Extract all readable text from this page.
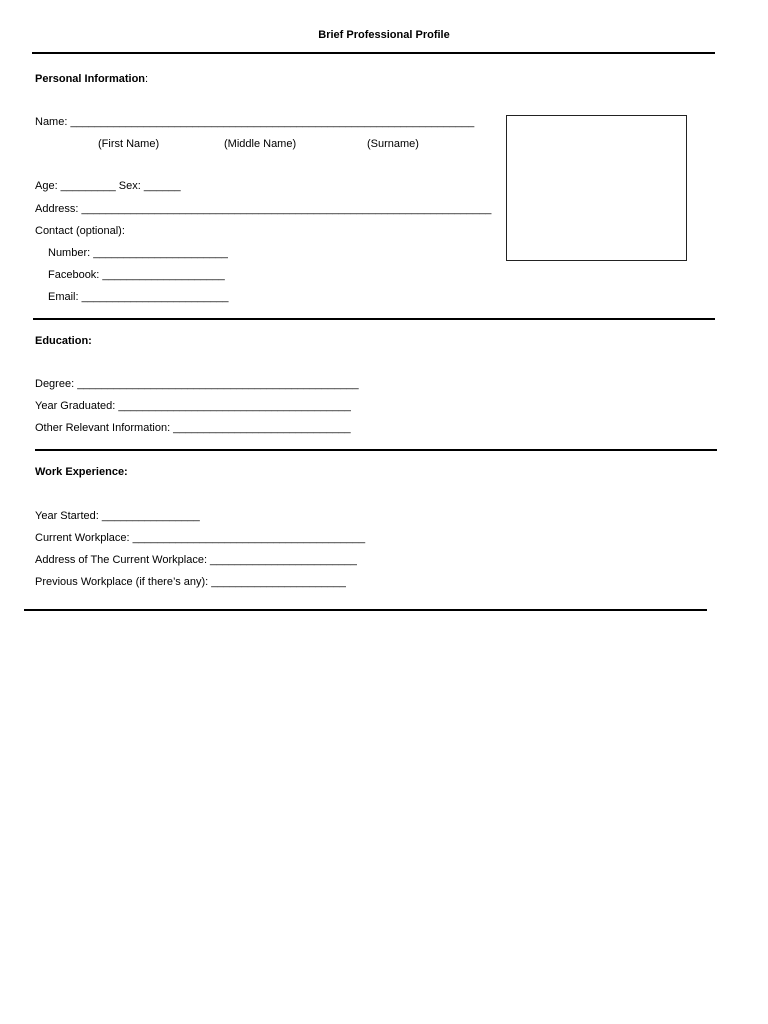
Brief Professional Profile
Personal Information:
Name: __________________________________________________________________
(First Name)	(Middle Name)	(Surname)
Age: _________ Sex: ______
Address: ___________________________________________________________________
Contact (optional):
Number: ______________________
Facebook: ____________________
Email: ________________________
Education:
Degree: ______________________________________________
Year Graduated: ______________________________________
Other Relevant Information: _____________________________
Work Experience:
Year Started: ________________
Current Workplace: ______________________________________
Address of The Current Workplace: ________________________
Previous Workplace (if there’s any): ______________________
